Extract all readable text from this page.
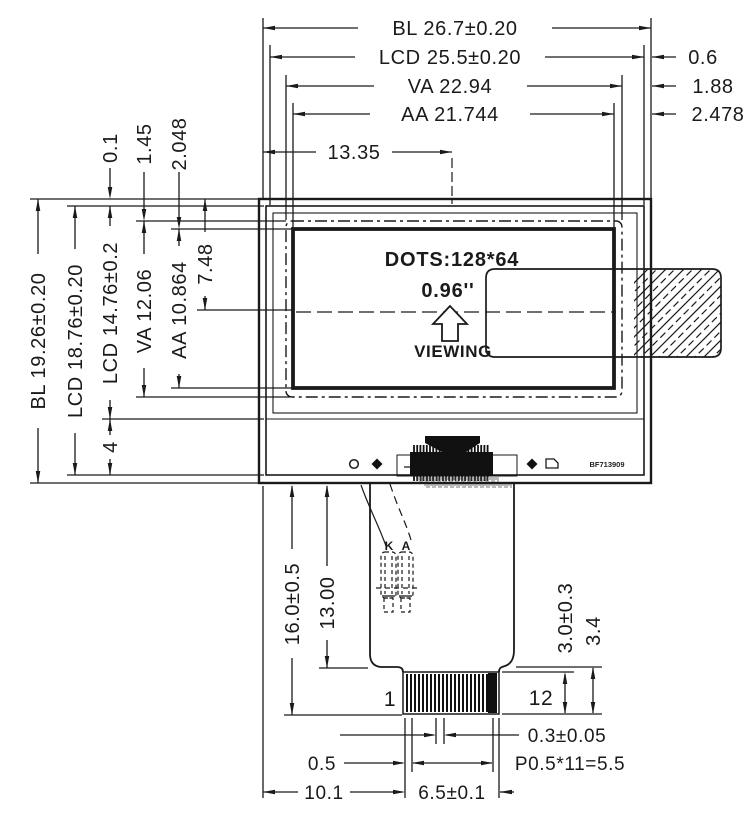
BL 26.7±0.20
LCD 25.5±0.20
VA 22.94
AA 21.744
13.35
0.6
1.88
2.478
0.1 1.45 2.048
BL 19.26±0.20 LCD 18.76±0.20 LCD 14.76±0.2
4
VA 12.06 AA 10.864 7.48
16.0±0.5 13.00	3.0±0.3 3.4
DOTS:128*64
0.96''
VIEWING
K A
1	12
0.5
0.3±0.05
P0.5*11=5.5
10.1	6.5±0.1
BF713909
